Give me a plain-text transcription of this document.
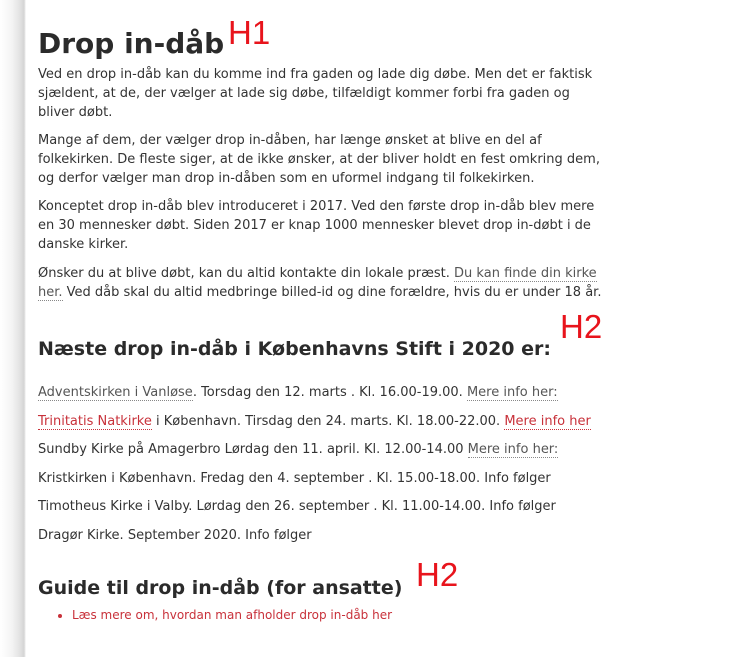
Drop in-dåb H1

Ved en drop in-dåb kan du komme ind fra gaden og lade dig døbe. Men det er faktisk sjældent, at de, der vælger at lade sig døbe, tilfældigt kommer forbi fra gaden og bliver døbt.

Mange af dem, der vælger drop in-dåben, har længe ønsket at blive en del af folkekirken. De fleste siger, at de ikke ønsker, at der bliver holdt en fest omkring dem, og derfor vælger man drop in-dåben som en uformel indgang til folkekirken.

Konceptet drop in-dåb blev introduceret i 2017. Ved den første drop in-dåb blev mere en 30 mennesker døbt. Siden 2017 er knap 1000 mennesker blevet drop in-døbt i de danske kirker.

Ønsker du at blive døbt, kan du altid kontakte din lokale præst. Du kan finde din kirke her. Ved dåb skal du altid medbringe billed-id og dine forældre, hvis du er under 18 år.

Næste drop in-dåb i Københavns Stift i 2020 er:
H2
Adventskirken i Vanløse. Torsdag den 12. marts . Kl. 16.00-19.00. Mere info her:
Trinitatis Natkirke i København. Tirsdag den 24. marts. Kl. 18.00-22.00. Mere info her
Sundby Kirke på Amagerbro Lørdag den 11. april. Kl. 12.00-14.00 Mere info her:
Kristkirken i København. Fredag den 4. september . Kl. 15.00-18.00. Info følger
Timotheus Kirke i Valby. Lørdag den 26. september . Kl. 11.00-14.00. Info følger
Dragør Kirke. September 2020. Info følger
Guide til drop in-dåb (for ansatte) H2
• Læs mere om, hvordan man afholder drop in-dåb her
